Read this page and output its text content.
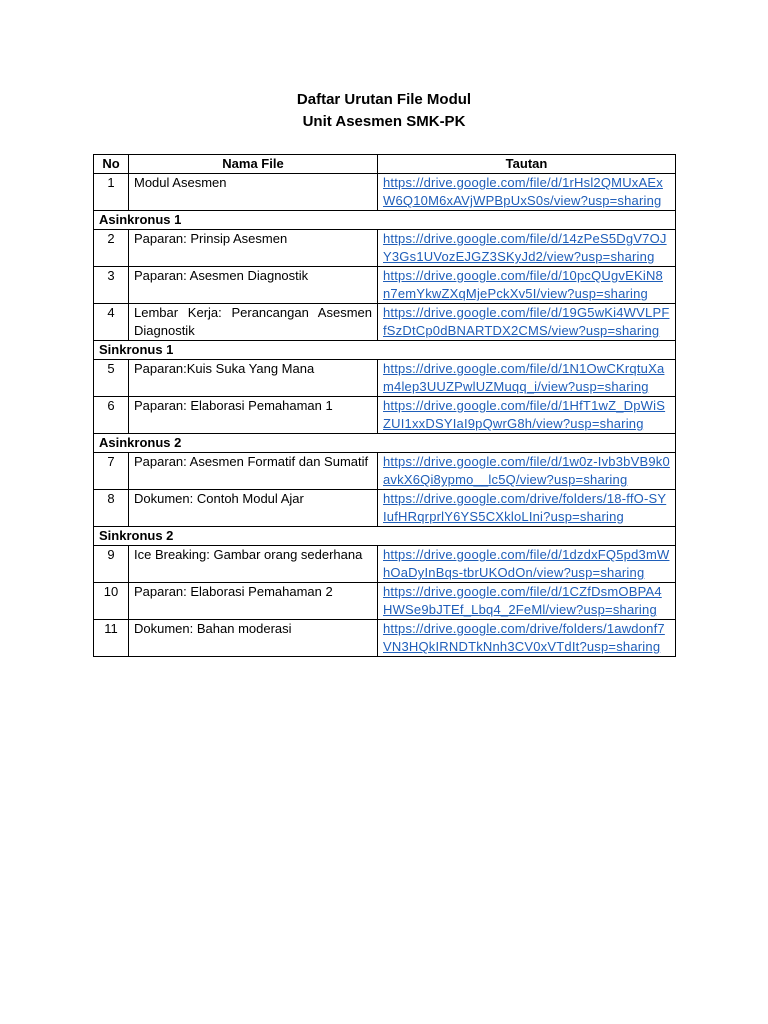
Daftar Urutan File Modul
Unit Asesmen SMK-PK
No	Nama File	Tautan
1	Modul Asesmen	https://drive.google.com/file/d/1rHsl2QMUxAExW6Q10M6xAVjWPBpUxS0s/view?usp=sharing
Asinkronus 1		
2	Paparan: Prinsip Asesmen	https://drive.google.com/file/d/14zPeS5DgV7OJY3Gs1UVozEJGZ3SKyJd2/view?usp=sharing
3	Paparan: Asesmen Diagnostik	https://drive.google.com/file/d/10pcQUgvEKiN8n7emYkwZXqMjePckXv5I/view?usp=sharing
4	Lembar Kerja: Perancangan Asesmen Diagnostik	https://drive.google.com/file/d/19G5wKi4WVLPFfSzDtCp0dBNARTDX2CMS/view?usp=sharing
Sinkronus 1		
5	Paparan:Kuis Suka Yang Mana	https://drive.google.com/file/d/1N1OwCKrqtuXam4lep3UUZPwlUZMuqq_i/view?usp=sharing
6	Paparan: Elaborasi Pemahaman 1	https://drive.google.com/file/d/1HfT1wZ_DpWiSZUI1xxDSYIaI9pQwrG8h/view?usp=sharing
Asinkronus 2		
7	Paparan: Asesmen Formatif dan Sumatif	https://drive.google.com/file/d/1w0z-Ivb3bVB9k0avkX6Qi8ypmo__lc5Q/view?usp=sharing
8	Dokumen: Contoh Modul Ajar	https://drive.google.com/drive/folders/18-ffO-SYIufHRqrprlY6YS5CXkloLIni?usp=sharing
Sinkronus 2		
9	Ice Breaking: Gambar orang sederhana	https://drive.google.com/file/d/1dzdxFQ5pd3mWhOaDyInBqs-tbrUKOdOn/view?usp=sharing
10	Paparan: Elaborasi Pemahaman 2	https://drive.google.com/file/d/1CZfDsmOBPA4HWSe9bJTEf_Lbq4_2FeMl/view?usp=sharing
11	Dokumen: Bahan moderasi	https://drive.google.com/drive/folders/1awdonf7VN3HQkIRNDTkNnh3CV0xVTdIt?usp=sharing
